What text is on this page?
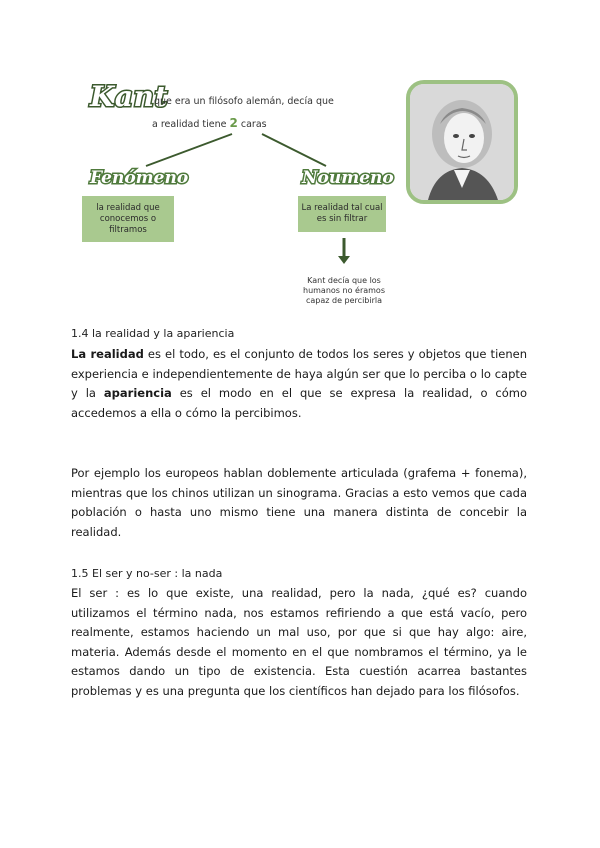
Kant
que era un filósofo alemán, decía que
a realidad tiene 2 caras
Fenómeno	Noumeno
la realidad que conocemos o filtramos
La realidad tal cual es sin filtrar
Kant decía que los humanos no éramos capaz de percibirla
1.4 la realidad y la apariencia
La realidad es el todo, es el conjunto de todos los seres y objetos que tienen experiencia e independientemente de haya algún ser que lo perciba o lo capte y la apariencia es el modo en el que se expresa la realidad, o cómo accedemos a ella o cómo la percibimos.
Por ejemplo los europeos hablan doblemente articulada (grafema + fonema), mientras que los chinos utilizan un sinograma. Gracias a esto vemos que cada población o hasta uno mismo tiene una manera distinta de concebir la realidad.
1.5 El ser y no-ser : la nada
El ser : es lo que existe, una realidad, pero la nada, ¿qué es? cuando utilizamos el término nada, nos estamos refiriendo a que está vacío, pero realmente, estamos haciendo un mal uso, por que si que hay algo: aire, materia. Además desde el momento en el que nombramos el término, ya le estamos dando un tipo de existencia. Esta cuestión acarrea bastantes problemas y es una pregunta que los científicos han dejado para los filósofos.
